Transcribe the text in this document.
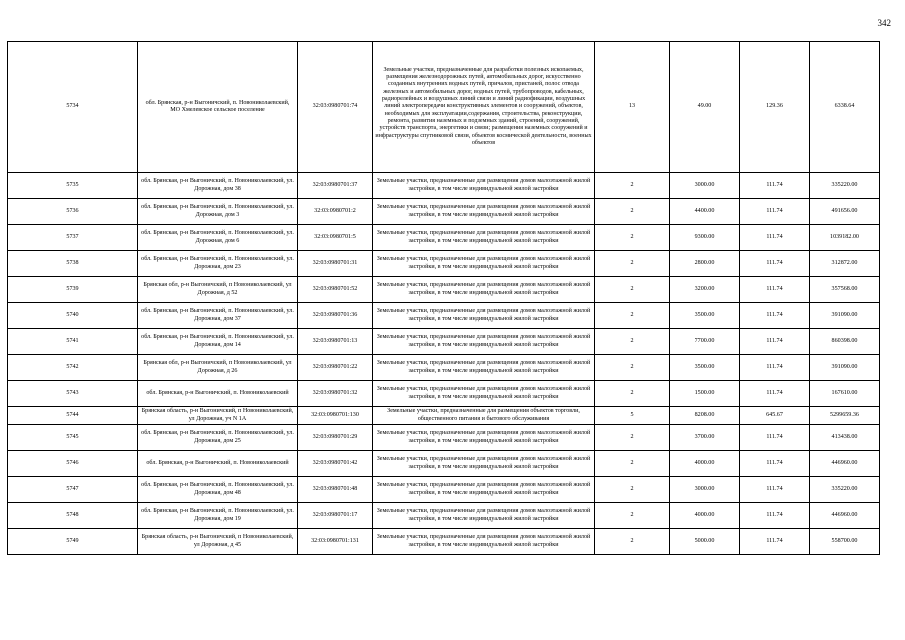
342
5734	обл. Брянская, р-н Выгоничский, п. Новониколаевский, МО Хмелевское сельское поселение	32:03:0980701:74	Земельные участки, предназначенные для разработки полезных ископаемых, размещения железнодорожных путей, автомобильных дорог, искусственно созданных внутренних водных путей, причалов, пристаней, полос отвода железных и автомобильных дорог, водных путей, трубопроводов, кабельных, радиорелейных и воздушных линий связи и линий радиофикации, воздушных линий электропередачи конструктивных элементов и сооружений, объектов, необходимых для эксплуатации,содержания, строительства, реконструкции, ремонта, развития наземных и подземных зданий, строений, сооружений, устройств транспорта, энергетики и связи; размещения наземных сооружений и инфраструктуры спутниковой связи, объектов космической деятельности, военных объектов	13	49.00	129.36	6338.64
5735	обл. Брянская, р-н Выгоничский, п. Новониколаевский, ул. Дорожная, дом 38	32:03:0980701:37	Земельные участки, предназначенные для размещения домов малоэтажной жилой застройки, в том числе индивидуальной жилой застройки	2	3000.00	111.74	335220.00
5736	обл. Брянская, р-н Выгоничский, п. Новониколаевский, ул. Дорожная, дом 3	32:03:0980701:2	Земельные участки, предназначенные для размещения домов малоэтажной жилой застройки, в том числе индивидуальной жилой застройки	2	4400.00	111.74	491656.00
5737	обл. Брянская, р-н Выгоничский, п. Новониколаевский, ул. Дорожная, дом 6	32:03:0980701:5	Земельные участки, предназначенные для размещения домов малоэтажной жилой застройки, в том числе индивидуальной жилой застройки	2	9300.00	111.74	1039182.00
5738	обл. Брянская, р-н Выгоничский, п. Новониколаевский, ул. Дорожная, дом 23	32:03:0980701:31	Земельные участки, предназначенные для размещения домов малоэтажной жилой застройки, в том числе индивидуальной жилой застройки	2	2800.00	111.74	312872.00
5739	Брянская обл, р-н Выгоничский, п Новониколаевский, ул Дорожная, д 52	32:03:0980701:52	Земельные участки, предназначенные для размещения домов малоэтажной жилой застройки, в том числе индивидуальной жилой застройки	2	3200.00	111.74	357568.00
5740	обл. Брянская, р-н Выгоничский, п. Новониколаевский, ул. Дорожная, дом 37	32:03:0980701:36	Земельные участки, предназначенные для размещения домов малоэтажной жилой застройки, в том числе индивидуальной жилой застройки	2	3500.00	111.74	391090.00
5741	обл. Брянская, р-н Выгоничский, п. Новониколаевский, ул. Дорожная, дом 14	32:03:0980701:13	Земельные участки, предназначенные для размещения домов малоэтажной жилой застройки, в том числе индивидуальной жилой застройки	2	7700.00	111.74	860398.00
5742	Брянская обл, р-н Выгоничский, п Новониколаевский, ул Дорожная, д 26	32:03:0980701:22	Земельные участки, предназначенные для размещения домов малоэтажной жилой застройки, в том числе индивидуальной жилой застройки	2	3500.00	111.74	391090.00
5743	обл. Брянская, р-н Выгоничский, п. Новониколаевский	32:03:0980701:32	Земельные участки, предназначенные для размещения домов малоэтажной жилой застройки, в том числе индивидуальной жилой застройки	2	1500.00	111.74	167610.00
5744	Брянская область, р-н Выгоничский, п Новониколаевский, ул Дорожная, уч N 1А	32:03:0980701:130	Земельные участки, предназначенные для размещения объектов торговли, общественного питания и бытового обслуживания	5	8208.00	645.67	5299659.36
5745	обл. Брянская, р-н Выгоничский, п. Новониколаевский, ул. Дорожная, дом 25	32:03:0980701:29	Земельные участки, предназначенные для размещения домов малоэтажной жилой застройки, в том числе индивидуальной жилой застройки	2	3700.00	111.74	413438.00
5746	обл. Брянская, р-н Выгоничский, п. Новониколаевский	32:03:0980701:42	Земельные участки, предназначенные для размещения домов малоэтажной жилой застройки, в том числе индивидуальной жилой застройки	2	4000.00	111.74	446960.00
5747	обл. Брянская, р-н Выгоничский, п. Новониколаевский, ул. Дорожная, дом 48	32:03:0980701:48	Земельные участки, предназначенные для размещения домов малоэтажной жилой застройки, в том числе индивидуальной жилой застройки	2	3000.00	111.74	335220.00
5748	обл. Брянская, р-н Выгоничский, п. Новониколаевский, ул. Дорожная, дом 19	32:03:0980701:17	Земельные участки, предназначенные для размещения домов малоэтажной жилой застройки, в том числе индивидуальной жилой застройки	2	4000.00	111.74	446960.00
5749	Брянская область, р-н Выгоничский, п Новониколаевский, ул Дорожная, д 45	32:03:0980701:131	Земельные участки, предназначенные для размещения домов малоэтажной жилой застройки, в том числе индивидуальной жилой застройки	2	5000.00	111.74	558700.00
